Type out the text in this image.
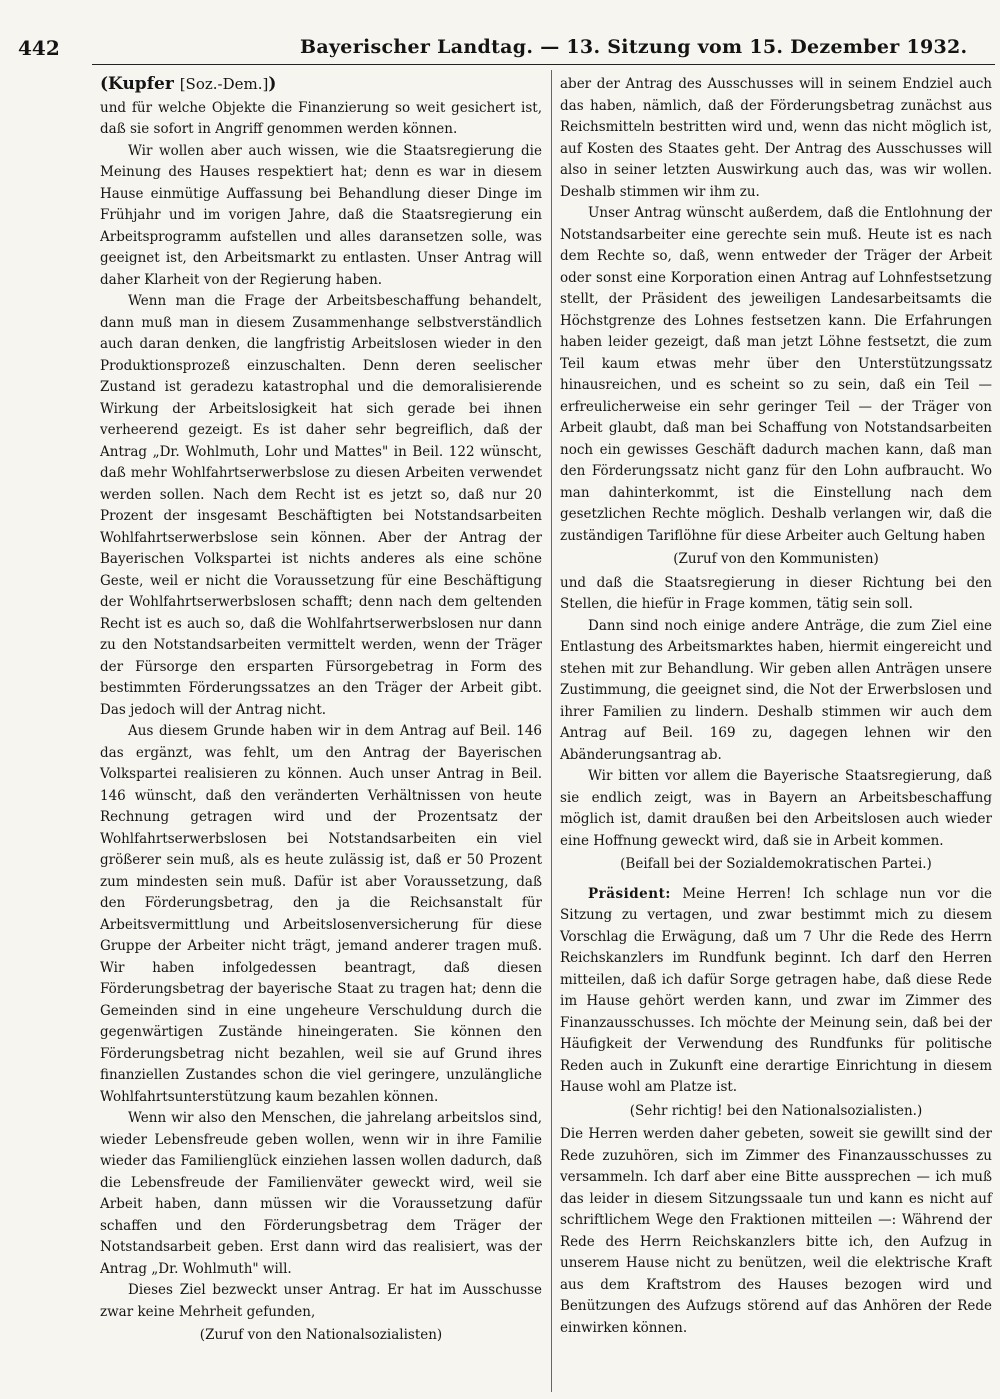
442	Bayerischer Landtag. — 13. Sitzung vom 15. Dezember 1932.
(Kupfer [Soz.-Dem.])

und für welche Objekte die Finanzierung so weit gesichert ist, daß sie sofort in Angriff genommen werden können.

Wir wollen aber auch wissen, wie die Staatsregierung die Meinung des Hauses respektiert hat; denn es war in diesem Hause einmütige Auffassung bei Behandlung dieser Dinge im Frühjahr und im vorigen Jahre, daß die Staatsregierung ein Arbeitsprogramm aufstellen und alles daransetzen solle, was geeignet ist, den Arbeitsmarkt zu entlasten. Unser Antrag will daher Klarheit von der Regierung haben.

Wenn man die Frage der Arbeitsbeschaffung behandelt, dann muß man in diesem Zusammenhange selbstverständlich auch daran denken, die langfristig Arbeitslosen wieder in den Produktionsprozeß einzuschalten. Denn deren seelischer Zustand ist geradezu katastrophal und die demoralisierende Wirkung der Arbeitslosigkeit hat sich gerade bei ihnen verheerend gezeigt. Es ist daher sehr begreiflich, daß der Antrag „Dr. Wohlmuth, Lohr und Mattes" in Beil. 122 wünscht, daß mehr Wohlfahrtserwerbslose zu diesen Arbeiten verwendet werden sollen. Nach dem Recht ist es jetzt so, daß nur 20 Prozent der insgesamt Beschäftigten bei Notstandsarbeiten Wohlfahrtserwerbslose sein können. Aber der Antrag der Bayerischen Volkspartei ist nichts anderes als eine schöne Geste, weil er nicht die Voraussetzung für eine Beschäftigung der Wohlfahrtserwerbslosen schafft; denn nach dem geltenden Recht ist es auch so, daß die Wohlfahrtserwerbslosen nur dann zu den Notstandsarbeiten vermittelt werden, wenn der Träger der Fürsorge den ersparten Fürsorgebetrag in Form des bestimmten Förderungssatzes an den Träger der Arbeit gibt. Das jedoch will der Antrag nicht.

Aus diesem Grunde haben wir in dem Antrag auf Beil. 146 das ergänzt, was fehlt, um den Antrag der Bayerischen Volkspartei realisieren zu können. Auch unser Antrag in Beil. 146 wünscht, daß den veränderten Verhältnissen von heute Rechnung getragen wird und der Prozentsatz der Wohlfahrtserwerbslosen bei Notstandsarbeiten ein viel größerer sein muß, als es heute zulässig ist, daß er 50 Prozent zum mindesten sein muß. Dafür ist aber Voraussetzung, daß den Förderungsbetrag, den ja die Reichsanstalt für Arbeitsvermittlung und Arbeitslosenversicherung für diese Gruppe der Arbeiter nicht trägt, jemand anderer tragen muß. Wir haben infolgedessen beantragt, daß diesen Förderungsbetrag der bayerische Staat zu tragen hat; denn die Gemeinden sind in eine ungeheure Verschuldung durch die gegenwärtigen Zustände hineingeraten. Sie können den Förderungsbetrag nicht bezahlen, weil sie auf Grund ihres finanziellen Zustandes schon die viel geringere, unzulängliche Wohlfahrtsunterstützung kaum bezahlen können.

Wenn wir also den Menschen, die jahrelang arbeitslos sind, wieder Lebensfreude geben wollen, wenn wir in ihre Familie wieder das Familienglück einziehen lassen wollen dadurch, daß die Lebensfreude der Familienväter geweckt wird, weil sie Arbeit haben, dann müssen wir die Voraussetzung dafür schaffen und den Förderungsbetrag dem Träger der Notstandsarbeit geben. Erst dann wird das realisiert, was der Antrag „Dr. Wohlmuth" will.

Dieses Ziel bezweckt unser Antrag. Er hat im Ausschusse zwar keine Mehrheit gefunden,

(Zuruf von den Nationalsozialisten)

aber der Antrag des Ausschusses will in seinem Endziel auch das haben, nämlich, daß der Förderungsbetrag zunächst aus Reichsmitteln bestritten wird und, wenn das nicht möglich ist, auf Kosten des Staates geht. Der Antrag des Ausschusses will also in seiner letzten Auswirkung auch das, was wir wollen. Deshalb stimmen wir ihm zu.

Unser Antrag wünscht außerdem, daß die Entlohnung der Notstandsarbeiter eine gerechte sein muß. Heute ist es nach dem Rechte so, daß, wenn entweder der Träger der Arbeit oder sonst eine Korporation einen Antrag auf Lohnfestsetzung stellt, der Präsident des jeweiligen Landesarbeitsamts die Höchstgrenze des Lohnes festsetzen kann. Die Erfahrungen haben leider gezeigt, daß man jetzt Löhne festsetzt, die zum Teil kaum etwas mehr über den Unterstützungssatz hinausreichen, und es scheint so zu sein, daß ein Teil — erfreulicherweise ein sehr geringer Teil — der Träger von Arbeit glaubt, daß man bei Schaffung von Notstandsarbeiten noch ein gewisses Geschäft dadurch machen kann, daß man den Förderungssatz nicht ganz für den Lohn aufbraucht. Wo man dahinterkommt, ist die Einstellung nach dem gesetzlichen Rechte möglich. Deshalb verlangen wir, daß die zuständigen Tariflöhne für diese Arbeiter auch Geltung haben

(Zuruf von den Kommunisten)

und daß die Staatsregierung in dieser Richtung bei den Stellen, die hiefür in Frage kommen, tätig sein soll.

Dann sind noch einige andere Anträge, die zum Ziel eine Entlastung des Arbeitsmarktes haben, hiermit eingereicht und stehen mit zur Behandlung. Wir geben allen Anträgen unsere Zustimmung, die geeignet sind, die Not der Erwerbslosen und ihrer Familien zu lindern. Deshalb stimmen wir auch dem Antrag auf Beil. 169 zu, dagegen lehnen wir den Abänderungsantrag ab.

Wir bitten vor allem die Bayerische Staatsregierung, daß sie endlich zeigt, was in Bayern an Arbeitsbeschaffung möglich ist, damit draußen bei den Arbeitslosen auch wieder eine Hoffnung geweckt wird, daß sie in Arbeit kommen.

(Beifall bei der Sozialdemokratischen Partei.)

Präsident: Meine Herren! Ich schlage nun vor die Sitzung zu vertagen, und zwar bestimmt mich zu diesem Vorschlag die Erwägung, daß um 7 Uhr die Rede des Herrn Reichskanzlers im Rundfunk beginnt. Ich darf den Herren mitteilen, daß ich dafür Sorge getragen habe, daß diese Rede im Hause gehört werden kann, und zwar im Zimmer des Finanzausschusses. Ich möchte der Meinung sein, daß bei der Häufigkeit der Verwendung des Rundfunks für politische Reden auch in Zukunft eine derartige Einrichtung in diesem Hause wohl am Platze ist.

(Sehr richtig! bei den Nationalsozialisten.)

Die Herren werden daher gebeten, soweit sie gewillt sind der Rede zuzuhören, sich im Zimmer des Finanzausschusses zu versammeln. Ich darf aber eine Bitte aussprechen — ich muß das leider in diesem Sitzungssaale tun und kann es nicht auf schriftlichem Wege den Fraktionen mitteilen —: Während der Rede des Herrn Reichskanzlers bitte ich, den Aufzug in unserem Hause nicht zu benützen, weil die elektrische Kraft aus dem Kraftstrom des Hauses bezogen wird und Benützungen des Aufzugs störend auf das Anhören der Rede einwirken können.
